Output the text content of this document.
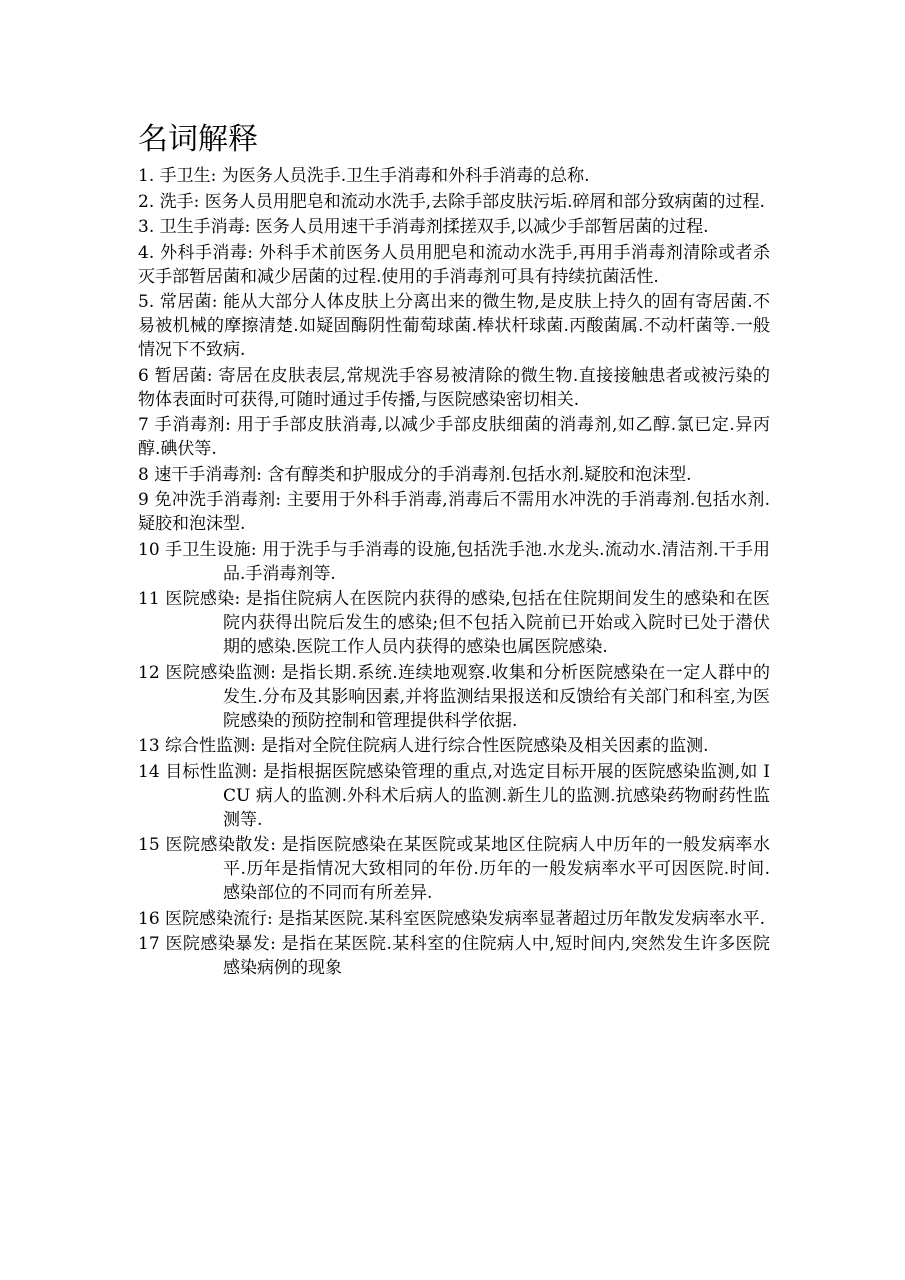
名词解释
1. 手卫生: 为医务人员洗手.卫生手消毒和外科手消毒的总称.
2. 洗手: 医务人员用肥皂和流动水洗手,去除手部皮肤污垢.碎屑和部分致病菌的过程.
3. 卫生手消毒: 医务人员用速干手消毒剂揉搓双手,以减少手部暂居菌的过程.
4. 外科手消毒: 外科手术前医务人员用肥皂和流动水洗手,再用手消毒剂清除或者杀灭手部暂居菌和减少居菌的过程.使用的手消毒剂可具有持续抗菌活性.
5. 常居菌: 能从大部分人体皮肤上分离出来的微生物,是皮肤上持久的固有寄居菌.不易被机械的摩擦清楚.如疑固酶阴性葡萄球菌.棒状杆球菌.丙酸菌属.不动杆菌等.一般情况下不致病.
6 暂居菌: 寄居在皮肤表层,常规洗手容易被清除的微生物.直接接触患者或被污染的物体表面时可获得,可随时通过手传播,与医院感染密切相关.
7 手消毒剂: 用于手部皮肤消毒,以减少手部皮肤细菌的消毒剂,如乙醇.氯已定.异丙醇.碘伏等.
8 速干手消毒剂: 含有醇类和护服成分的手消毒剂.包括水剂.疑胶和泡沫型.
9 免冲洗手消毒剂: 主要用于外科手消毒,消毒后不需用水冲洗的手消毒剂.包括水剂.疑胶和泡沫型.
10 手卫生设施: 用于洗手与手消毒的设施,包括洗手池.水龙头.流动水.清洁剂.干手用品.手消毒剂等.
11 医院感染: 是指住院病人在医院内获得的感染,包括在住院期间发生的感染和在医院内获得出院后发生的感染;但不包括入院前已开始或入院时已处于潜伏期的感染.医院工作人员内获得的感染也属医院感染.
12 医院感染监测: 是指长期.系统.连续地观察.收集和分析医院感染在一定人群中的发生.分布及其影响因素,并将监测结果报送和反馈给有关部门和科室,为医院感染的预防控制和管理提供科学依据.
13 综合性监测: 是指对全院住院病人进行综合性医院感染及相关因素的监测.
14 目标性监测: 是指根据医院感染管理的重点,对选定目标开展的医院感染监测,如 ICU 病人的监测.外科术后病人的监测.新生儿的监测.抗感染药物耐药性监测等.
15 医院感染散发: 是指医院感染在某医院或某地区住院病人中历年的一般发病率水平.历年是指情况大致相同的年份.历年的一般发病率水平可因医院.时间.感染部位的不同而有所差异.
16 医院感染流行: 是指某医院.某科室医院感染发病率显著超过历年散发发病率水平.
17 医院感染暴发: 是指在某医院.某科室的住院病人中,短时间内,突然发生许多医院感染病例的现象
